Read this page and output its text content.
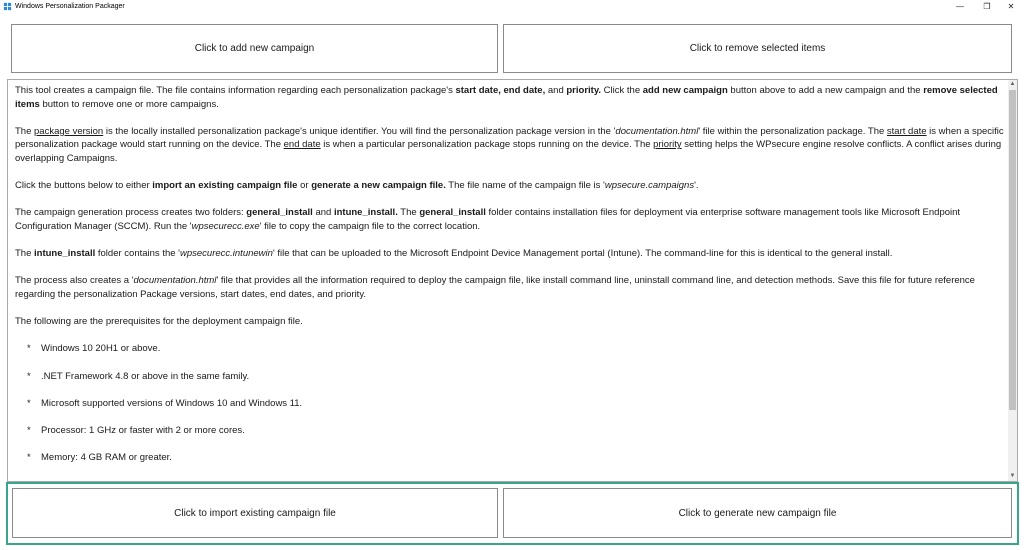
Windows Personalization Packager	—	❐	✕
Click to add new campaign	Click to remove selected items

This tool creates a campaign file. The file contains information regarding each personalization package's start date, end date, and priority. Click the add new campaign button above to add a new campaign and the remove selected items button to remove one or more campaigns.

The package version is the locally installed personalization package's unique identifier. You will find the personalization package version in the 'documentation.html' file within the personalization package. The start date is when a specific personalization package would start running on the device. The end date is when a particular personalization package stops running on the device. The priority setting helps the WPsecure engine resolve conflicts. A conflict arises during overlapping Campaigns.

Click the buttons below to either import an existing campaign file or generate a new campaign file. The file name of the campaign file is 'wpsecure.campaigns'.

The campaign generation process creates two folders: general_install and intune_install. The general_install folder contains installation files for deployment via enterprise software management tools like Microsoft Endpoint Configuration Manager (SCCM). Run the 'wpsecurecc.exe' file to copy the campaign file to the correct location.

The intune_install folder contains the 'wpsecurecc.intunewin' file that can be uploaded to the Microsoft Endpoint Device Management portal (Intune). The command-line for this is identical to the general install.

The process also creates a 'documentation.html' file that provides all the information required to deploy the campaign file, like install command line, uninstall command line, and detection methods. Save this file for future reference regarding the personalization Package versions, start dates, end dates, and priority.

The following are the prerequisites for the deployment campaign file.

*	Windows 10 20H1 or above.
*	.NET Framework 4.8 or above in the same family.
*	Microsoft supported versions of Windows 10 and Windows 11.
*	Processor: 1 GHz or faster with 2 or more cores.
*	Memory: 4 GB RAM or greater.
▲
▼
Click to import existing campaign file	Click to generate new campaign file
